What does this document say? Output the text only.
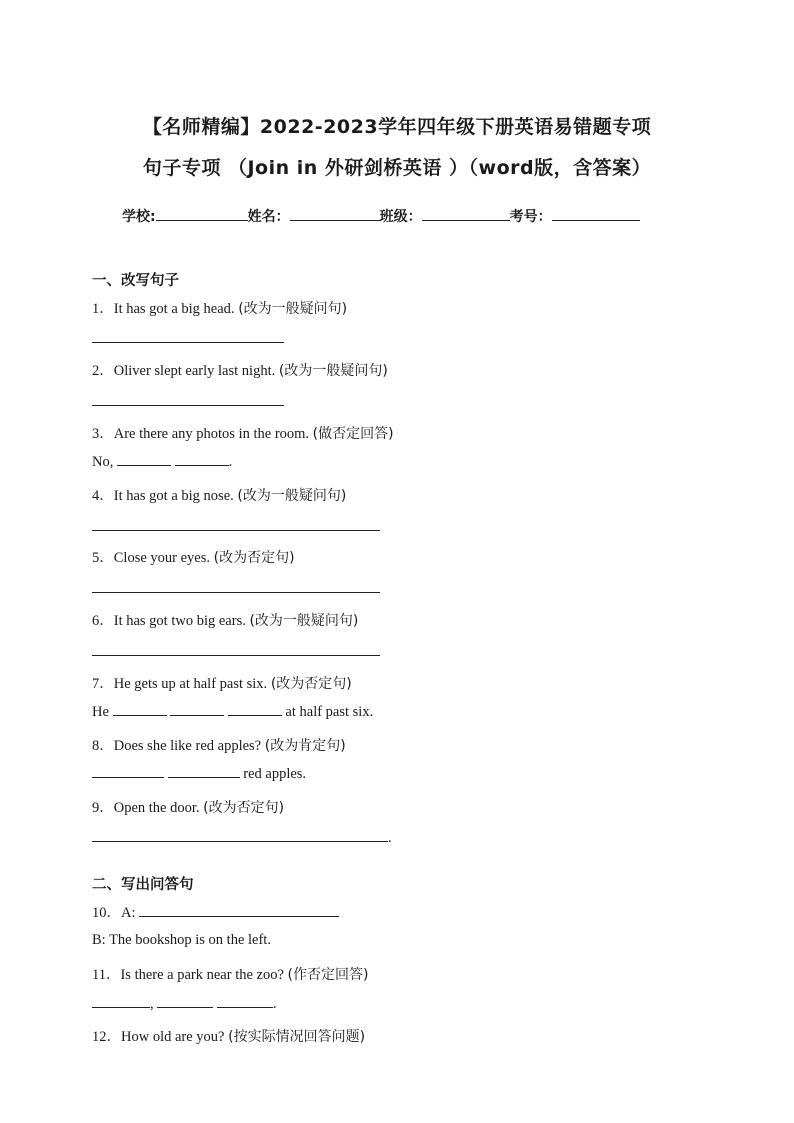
【名师精编】2022-2023学年四年级下册英语易错题专项
句子专项 （Join in 外研剑桥英语 ）（word版，含答案）
学校:	姓名：	班级：	考号：
一、改写句子
1．It has got a big head. (改为一般疑问句)
2．Oliver slept early last night. (改为一般疑问句)
3．Are there any photos in the room. (做否定回答)
No,	.
4．It has got a big nose. (改为一般疑问句)
5．Close your eyes. (改为否定句)
6．It has got two big ears. (改为一般疑问句)
7．He gets up at half past six. (改为否定句)
He	at half past six.
8．Does she like red apples? (改为肯定句)
red apples.
9．Open the door. (改为否定句)
.
二、写出问答句
10．A:
B: The bookshop is on the left.
11．Is there a park near the zoo? (作否定回答)
,	.
12．How old are you? (按实际情况回答问题)
